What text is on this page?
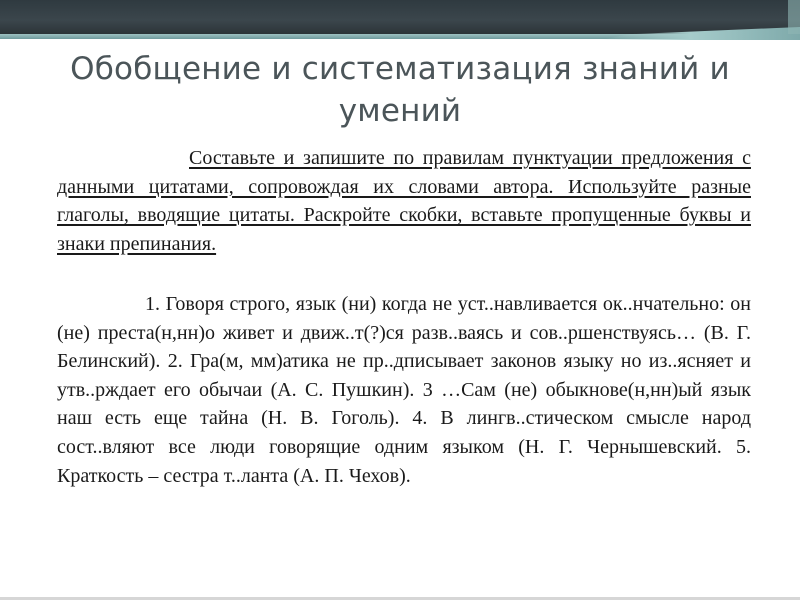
Обобщение и систематизация знаний и умений

Составьте и запишите по правилам пунктуации предложения с данными цитатами, сопровождая их словами автора. Используйте разные глаголы, вводящие цитаты. Раскройте скобки, вставьте пропущенные буквы и знаки препинания.

1. Говоря строго, язык (ни) когда не уст..навливается ок..нчательно: он (не) преста(н,нн)о живет и движ..т(?)ся разв..ваясь и сов..ршенствуясь… (В. Г. Белинский). 2. Гра(м, мм)атика не пр..дписывает законов языку но из..ясняет и утв..рждает его обычаи (А. С. Пушкин). 3 …Сам (не) обыкнове(н,нн)ый язык наш есть еще тайна (Н. В. Гоголь). 4. В лингв..стическом смысле народ сост..вляют все люди говорящие одним языком (Н. Г. Чернышевский. 5. Краткость – сестра т..ланта (А. П. Чехов).
